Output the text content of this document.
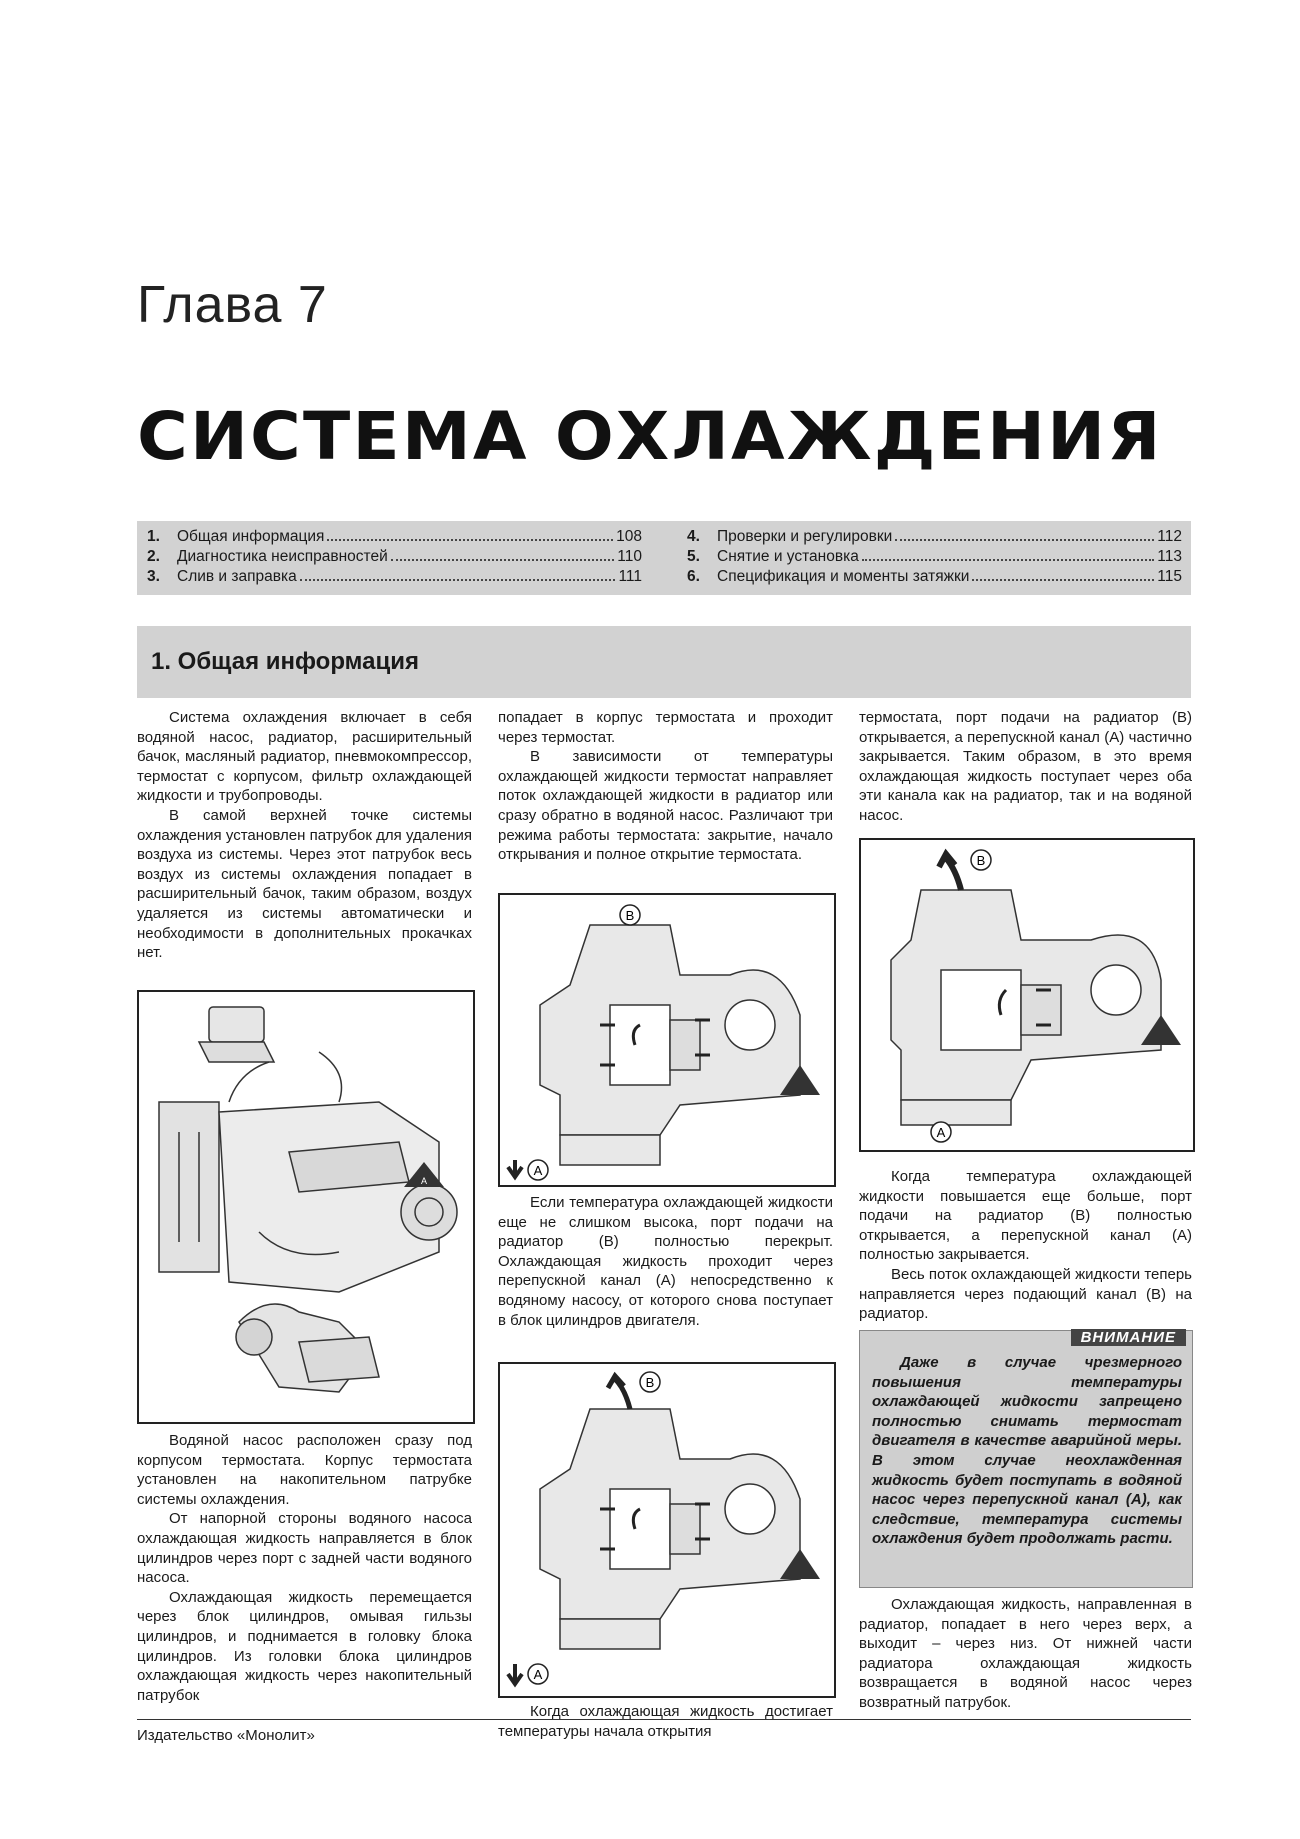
Глава 7
СИСТЕМА ОХЛАЖДЕНИЯ
1.	Общая информация	108
2.	Диагностика неисправностей	110
3.	Слив и заправка	111
4.	Проверки и регулировки	112
5.	Снятие и установка	113
6.	Спецификация и моменты затяжки	115
1. Общая информация

Система охлаждения включает в себя водяной насос, радиатор, расширительный бачок, масляный радиатор, пневмокомпрессор, термостат с корпусом, фильтр охлаждающей жидкости и трубопроводы.

В самой верхней точке системы охлаждения установлен патрубок для удаления воздуха из системы. Через этот патрубок весь воздух из системы охлаждения попадает в расширительный бачок, таким образом, воздух удаляется из системы автоматически и необходимости в дополнительных прокачках нет.

A

Водяной насос расположен сразу под корпусом термостата. Корпус термостата установлен на накопительном патрубке системы охлаждения.

От напорной стороны водяного насоса охлаждающая жидкость направляется в блок цилиндров через порт с задней части водяного насоса.

Охлаждающая жидкость перемещается через блок цилиндров, омывая гильзы цилиндров, и поднимается в головку блока цилиндров. Из головки блока цилиндров охлаждающая жидкость через накопительный патрубок

попадает в корпус термостата и проходит через термостат.

В зависимости от температуры охлаждающей жидкости термостат направляет поток охлаждающей жидкости в радиатор или сразу обратно в водяной насос. Различают три режима работы термостата: закрытие, начало открывания и полное открытие термостата.

B
A

Если температура охлаждающей жидкости еще не слишком высока, порт подачи на радиатор (B) полностью перекрыт. Охлаждающая жидкость проходит через перепускной канал (A) непосредственно к водяному насосу, от которого снова поступает в блок цилиндров двигателя.

B
A

Когда охлаждающая жидкость достигает температуры начала открытия

термостата, порт подачи на радиатор (B) открывается, а перепускной канал (A) частично закрывается. Таким образом, в это время охлаждающая жидкость поступает через оба эти канала как на радиатор, так и на водяной насос.

B
A

Когда температура охлаждающей жидкости повышается еще больше, порт подачи на радиатор (B) полностью открывается, а перепускной канал (A) полностью закрывается.

Весь поток охлаждающей жидкости теперь направляется через подающий канал (B) на радиатор.

ВНИМАНИЕ

Даже в случае чрезмерного повышения температуры охлаждающей жидкости запрещено полностью снимать термостат двигателя в качестве аварийной меры. В этом случае неохлажденная жидкость будет поступать в водяной насос через перепускной канал (A), как следствие, температура системы охлаждения будет продолжать расти.

Охлаждающая жидкость, направленная в радиатор, попадает в него через верх, а выходит – через низ. От нижней части радиатора охлаждающая жидкость возвращается в водяной насос через возвратный патрубок.

Издательство «Монолит»
